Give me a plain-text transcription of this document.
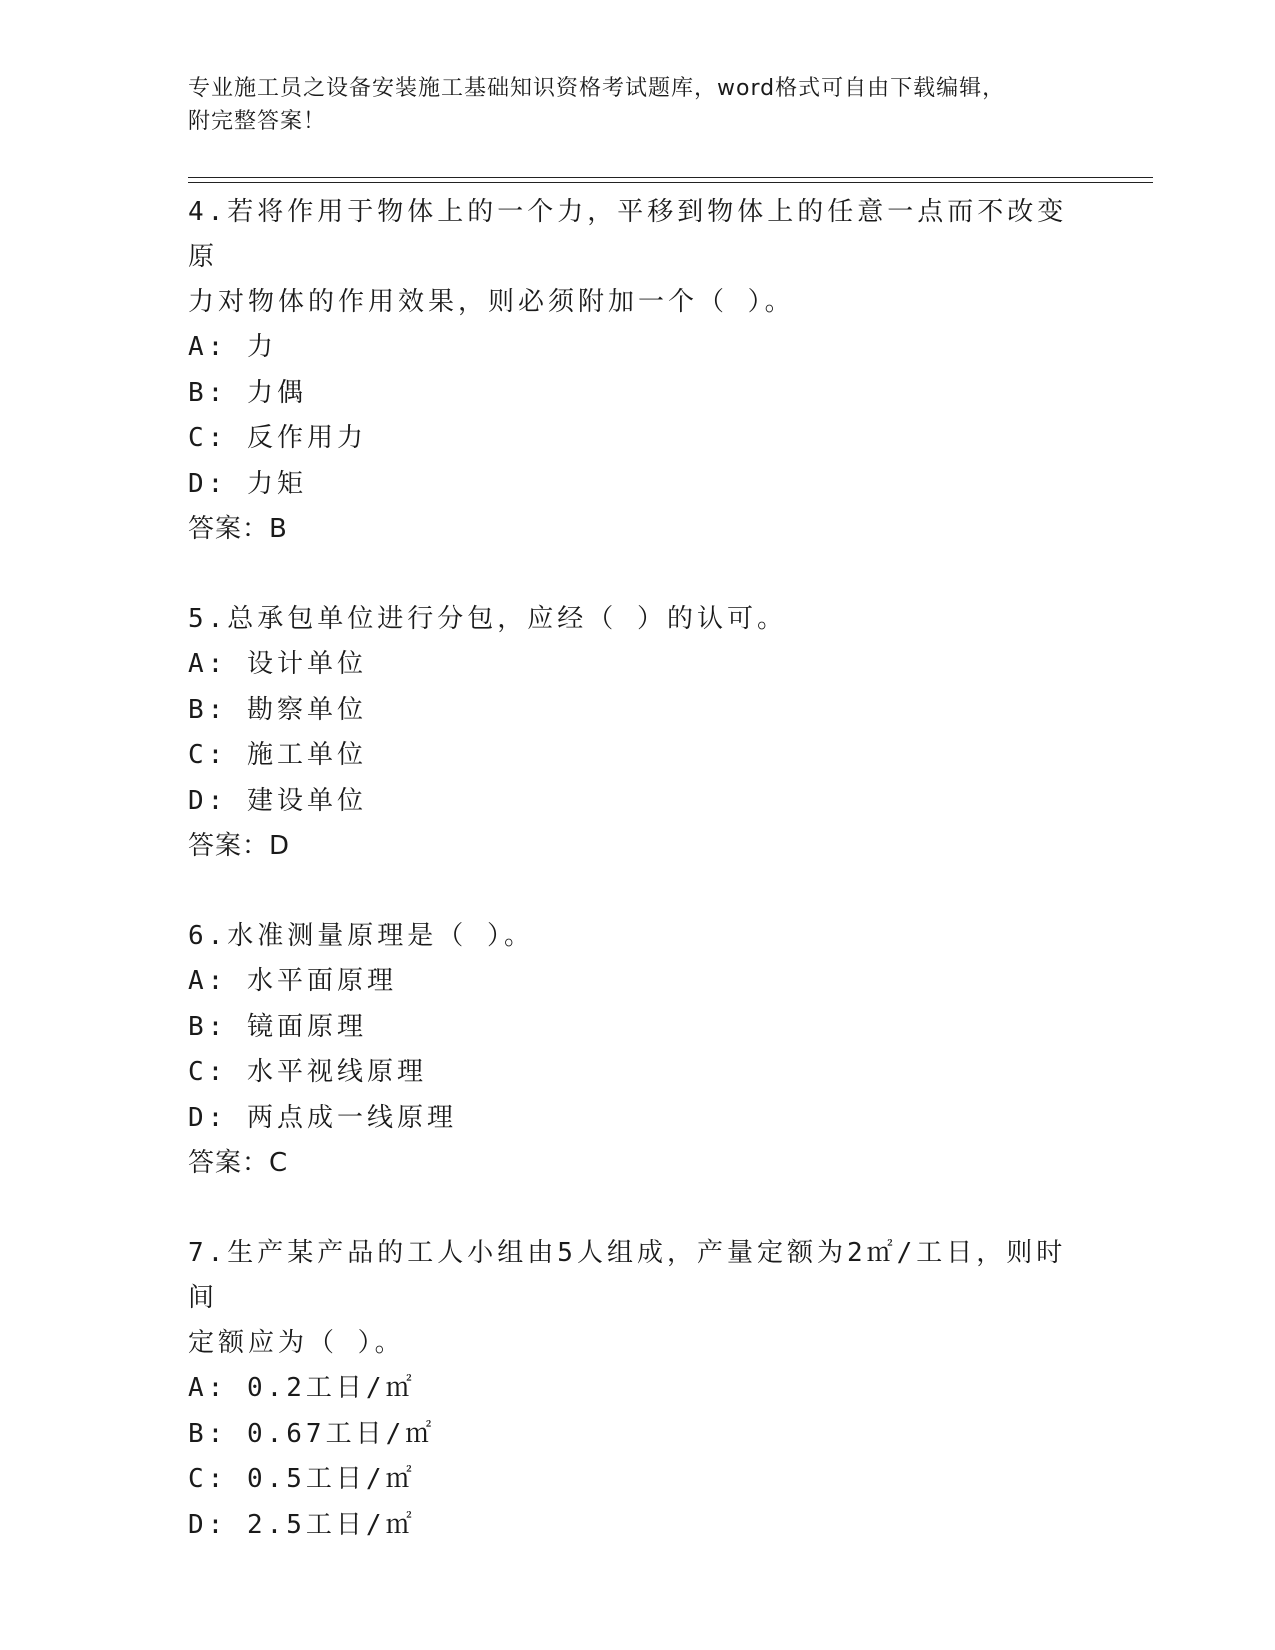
专业施工员之设备安装施工基础知识资格考试题库，word格式可自由下载编辑，
附完整答案！
4.若将作用于物体上的一个力，平移到物体上的任意一点而不改变原
力对物体的作用效果，则必须附加一个（ ）。
A: 力
B: 力偶
C: 反作用力
D: 力矩
答案：B
5.总承包单位进行分包，应经（ ）的认可。
A: 设计单位
B: 勘察单位
C: 施工单位
D: 建设单位
答案：D
6.水准测量原理是（ ）。
A: 水平面原理
B: 镜面原理
C: 水平视线原理
D: 两点成一线原理
答案：C
7.生产某产品的工人小组由5人组成，产量定额为2㎡/工日，则时间
定额应为（ ）。
A: 0.2工日/㎡
B: 0.67工日/㎡
C: 0.5工日/㎡
D: 2.5工日/㎡
